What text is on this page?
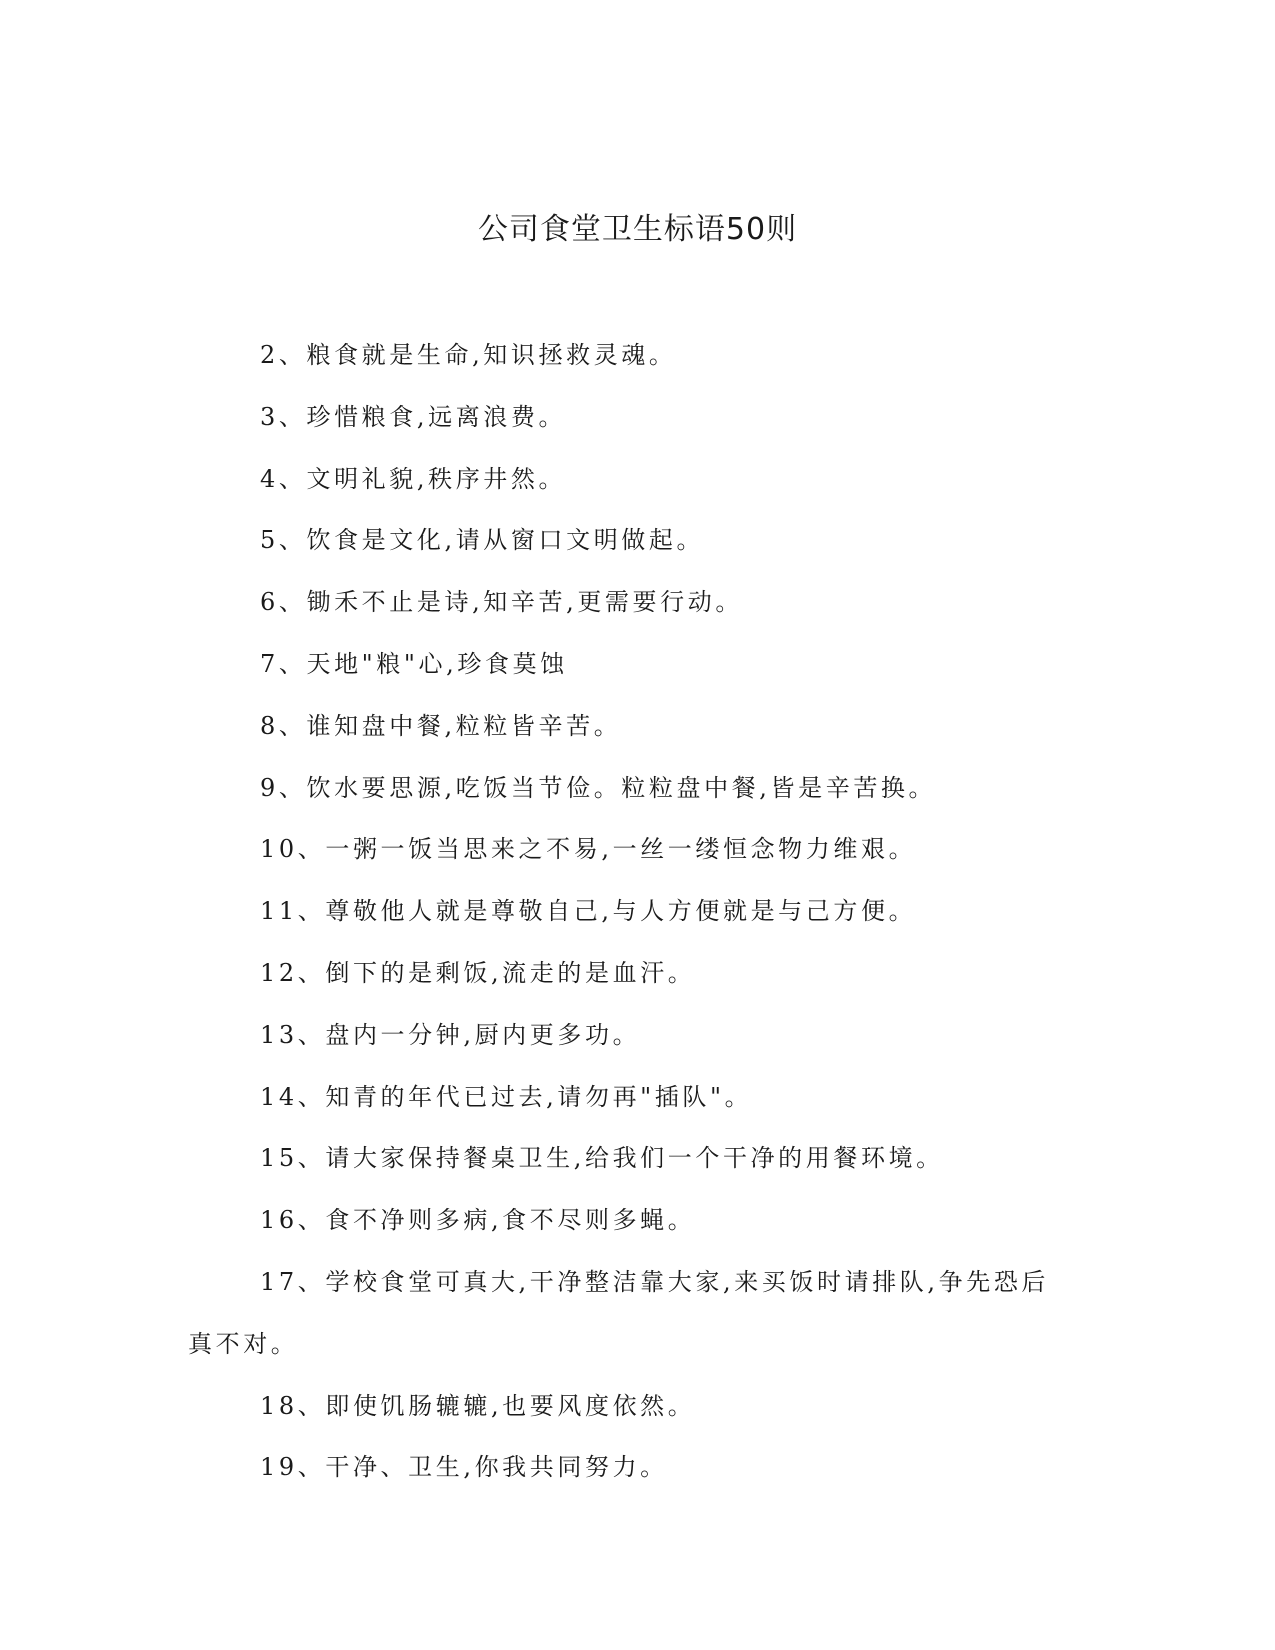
公司食堂卫生标语50则

2、粮食就是生命,知识拯救灵魂。

3、珍惜粮食,远离浪费。

4、文明礼貌,秩序井然。

5、饮食是文化,请从窗口文明做起。

6、锄禾不止是诗,知辛苦,更需要行动。

7、天地"粮"心,珍食莫蚀

8、谁知盘中餐,粒粒皆辛苦。

9、饮水要思源,吃饭当节俭。粒粒盘中餐,皆是辛苦换。

10、一粥一饭当思来之不易,一丝一缕恒念物力维艰。

11、尊敬他人就是尊敬自己,与人方便就是与己方便。

12、倒下的是剩饭,流走的是血汗。

13、盘内一分钟,厨内更多功。

14、知青的年代已过去,请勿再"插队"。

15、请大家保持餐桌卫生,给我们一个干净的用餐环境。

16、食不净则多病,食不尽则多蝇。

17、学校食堂可真大,干净整洁靠大家,来买饭时请排队,争先恐后真不对。

18、即使饥肠辘辘,也要风度依然。

19、干净、卫生,你我共同努力。
